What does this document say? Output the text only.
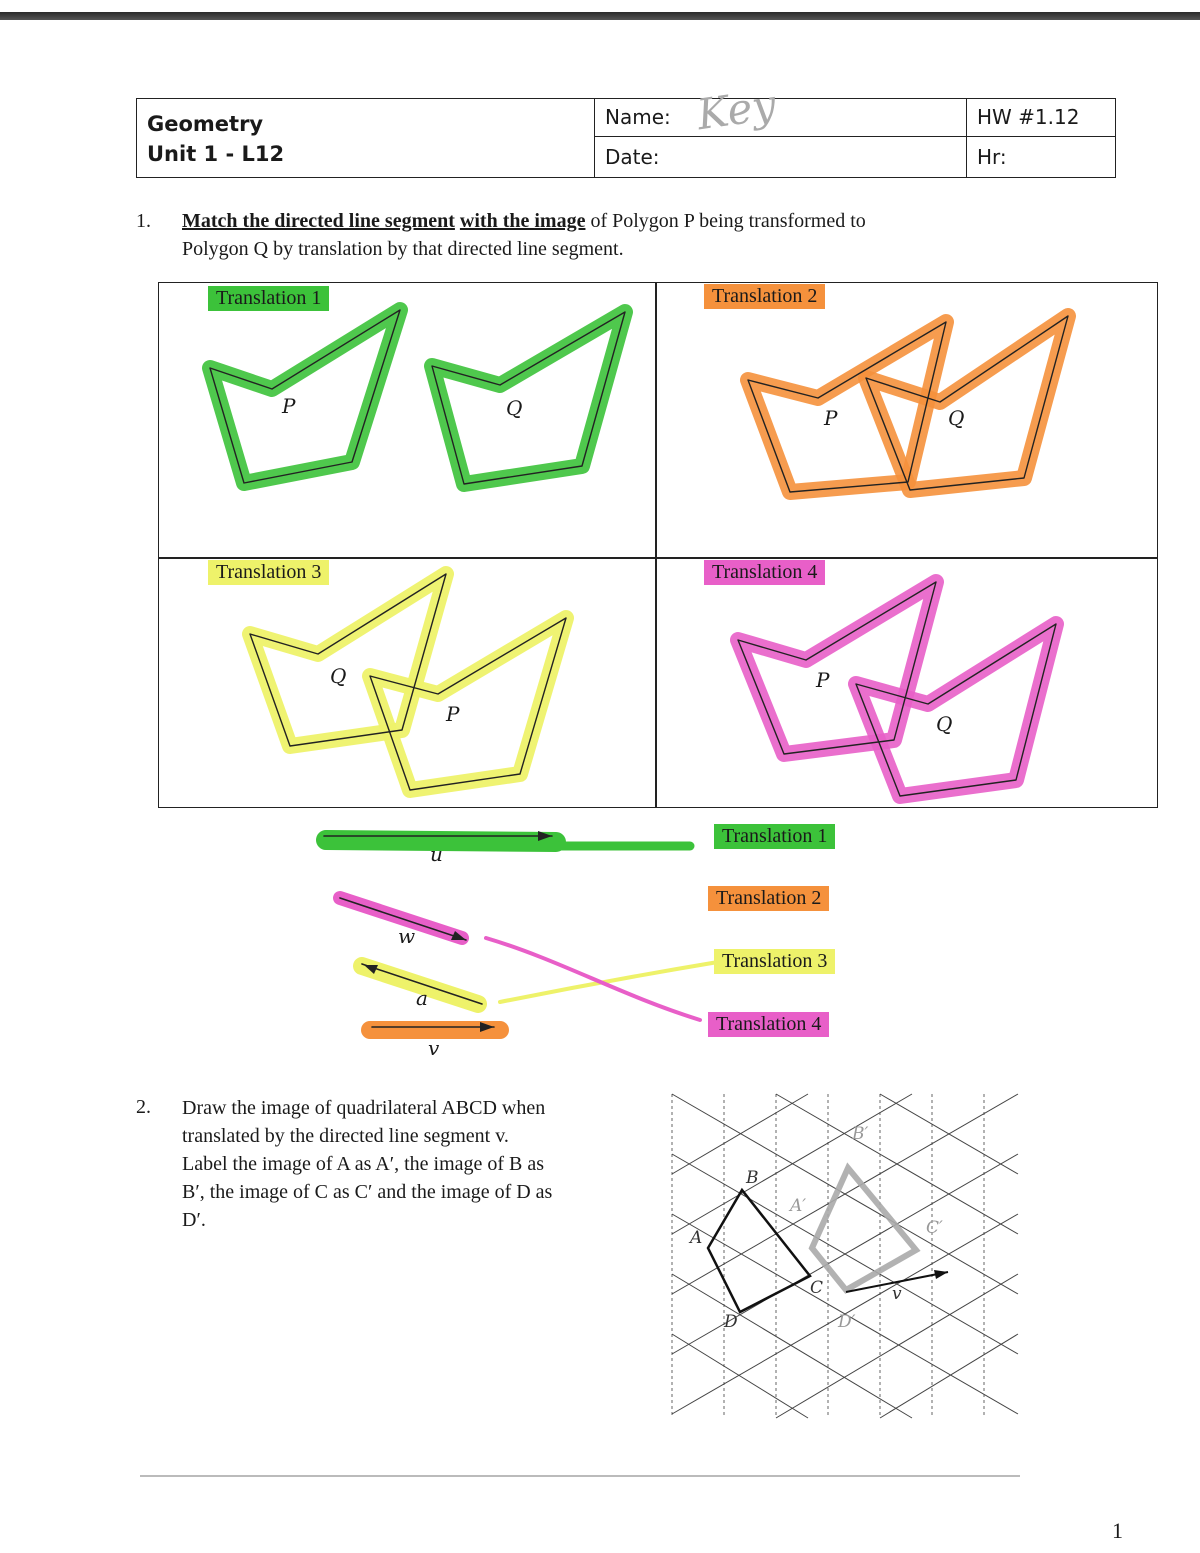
Geometry
Unit 1 - L12
Name: Key
Date:
HW #1.12
Hr:
1. Match the directed line segment with the image of Polygon P being transformed to
Polygon Q by translation by that directed line segment.
Translation 1	Translation 2
Translation 3	Translation 4
P	Q	P	Q
Q
P
P
Q
u
w
a
v
Translation 1
Translation 2
Translation 3
Translation 4
2. Draw the image of quadrilateral ABCD when
translated by the directed line segment v.
Label the image of A as A′, the image of B as
B′, the image of C as C′ and the image of D as
D′.
A
B
C
D
A′
B′
C′
D′
v
1
